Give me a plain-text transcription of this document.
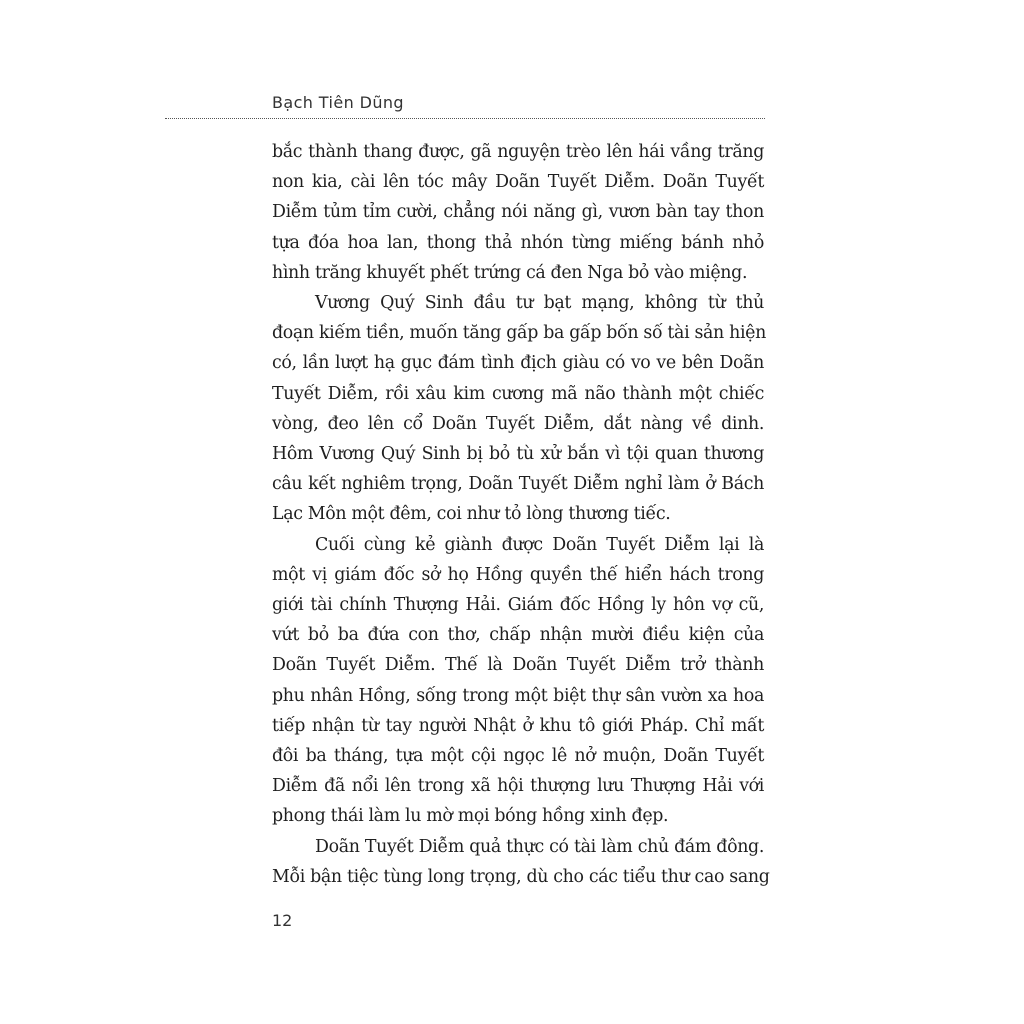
Bạch Tiên Dũng

bắc thành thang được, gã nguyện trèo lên hái vầng trăng
non kia, cài lên tóc mây Doãn Tuyết Diễm. Doãn Tuyết
Diễm tủm tỉm cười, chẳng nói năng gì, vươn bàn tay thon
tựa đóa hoa lan, thong thả nhón từng miếng bánh nhỏ
hình trăng khuyết phết trứng cá đen Nga bỏ vào miệng.

Vương Quý Sinh đầu tư bạt mạng, không từ thủ
đoạn kiếm tiền, muốn tăng gấp ba gấp bốn số tài sản hiện
có, lần lượt hạ gục đám tình địch giàu có vo ve bên Doãn
Tuyết Diễm, rồi xâu kim cương mã não thành một chiếc
vòng, đeo lên cổ Doãn Tuyết Diễm, dắt nàng về dinh.
Hôm Vương Quý Sinh bị bỏ tù xử bắn vì tội quan thương
câu kết nghiêm trọng, Doãn Tuyết Diễm nghỉ làm ở Bách
Lạc Môn một đêm, coi như tỏ lòng thương tiếc.

Cuối cùng kẻ giành được Doãn Tuyết Diễm lại là
một vị giám đốc sở họ Hồng quyền thế hiển hách trong
giới tài chính Thượng Hải. Giám đốc Hồng ly hôn vợ cũ,
vứt bỏ ba đứa con thơ, chấp nhận mười điều kiện của
Doãn Tuyết Diễm. Thế là Doãn Tuyết Diễm trở thành
phu nhân Hồng, sống trong một biệt thự sân vườn xa hoa
tiếp nhận từ tay người Nhật ở khu tô giới Pháp. Chỉ mất
đôi ba tháng, tựa một cội ngọc lê nở muộn, Doãn Tuyết
Diễm đã nổi lên trong xã hội thượng lưu Thượng Hải với
phong thái làm lu mờ mọi bóng hồng xinh đẹp.

Doãn Tuyết Diễm quả thực có tài làm chủ đám đông.
Mỗi bận tiệc tùng long trọng, dù cho các tiểu thư cao sang

12
